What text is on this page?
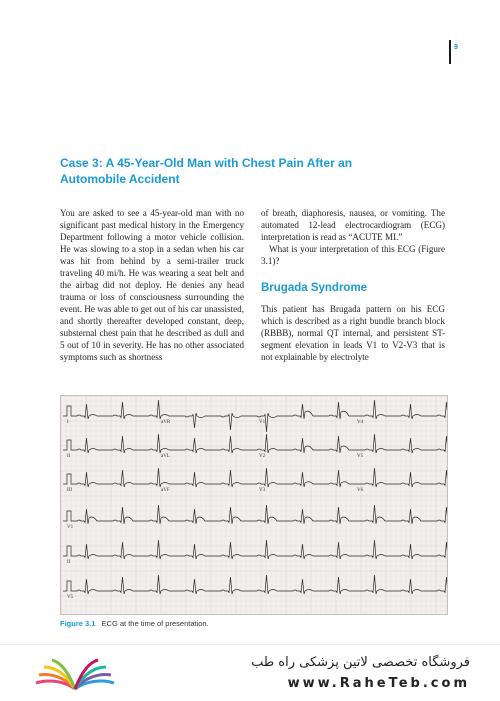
9
Case 3: A 45-Year-Old Man with Chest Pain After an Automobile Accident

You are asked to see a 45-year-old man with no significant past medical history in the Emergency Department following a motor vehicle collision. He was slowing to a stop in a sedan when his car was hit from behind by a semi-trailer truck traveling 40 mi/h. He was wearing a seat belt and the airbag did not deploy. He denies any head trauma or loss of consciousness surrounding the event. He was able to get out of his car unassisted, and shortly thereafter developed constant, deep, substernal chest pain that he described as dull and 5 out of 10 in severity. He has no other associated symptoms such as shortness

of breath, diaphoresis, nausea, or vomiting. The automated 12-lead electrocardiogram (ECG) interpretation is read as “ACUTE MI.”

What is your interpretation of this ECG (Figure 3.1)?

Brugada Syndrome

This patient has Brugada pattern on his ECG which is described as a right bundle branch block (RBBB), normal QT internal, and persistent ST-segment elevation in leads V1 to V2-V3 that is not explainable by electrolyte

I	aVR	V1	V4
II	aVL	V2	V5
III	aVF	V3	V6
V1
II
V5

Figure 3.1 ECG at the time of presentation.

فروشگاه تخصصی لاتین پزشکی راه طب
www.RaheTeb.com
